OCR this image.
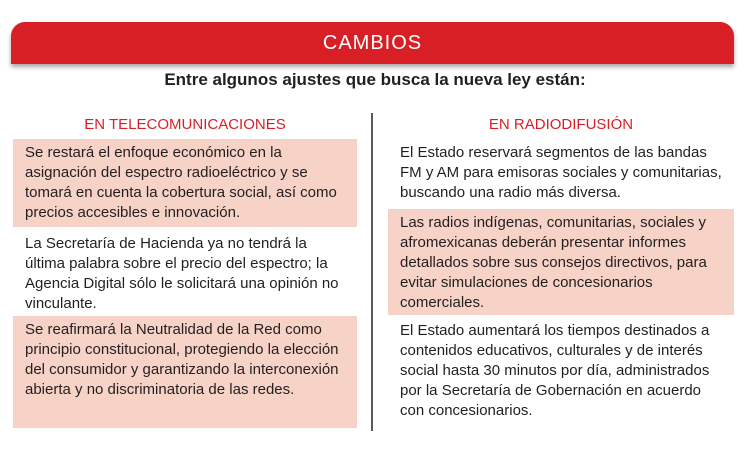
CAMBIOS
Entre algunos ajustes que busca la nueva ley están:
EN TELECOMUNICACIONES	EN RADIODIFUSIÓN

Se restará el enfoque económico en la asignación del espectro radioeléctrico y se tomará en cuenta la cobertura social, así como precios accesibles e innovación.

La Secretaría de Hacienda ya no tendrá la última palabra sobre el precio del espectro; la Agencia Digital sólo le solicitará una opinión no vinculante.

Se reafirmará la Neutralidad de la Red como principio constitucional, protegiendo la elección del consumidor y garantizando la interconexión abierta y no discriminatoria de las redes.

El Estado reservará segmentos de las bandas FM y AM para emisoras sociales y comunitarias, buscando una radio más diversa.

Las radios indígenas, comunitarias, sociales y afromexicanas deberán presentar informes detallados sobre sus consejos directivos, para evitar simulaciones de concesionarios comerciales.

El Estado aumentará los tiempos destinados a contenidos educativos, culturales y de interés social hasta 30 minutos por día, administrados por la Secretaría de Gobernación en acuerdo con concesionarios.
